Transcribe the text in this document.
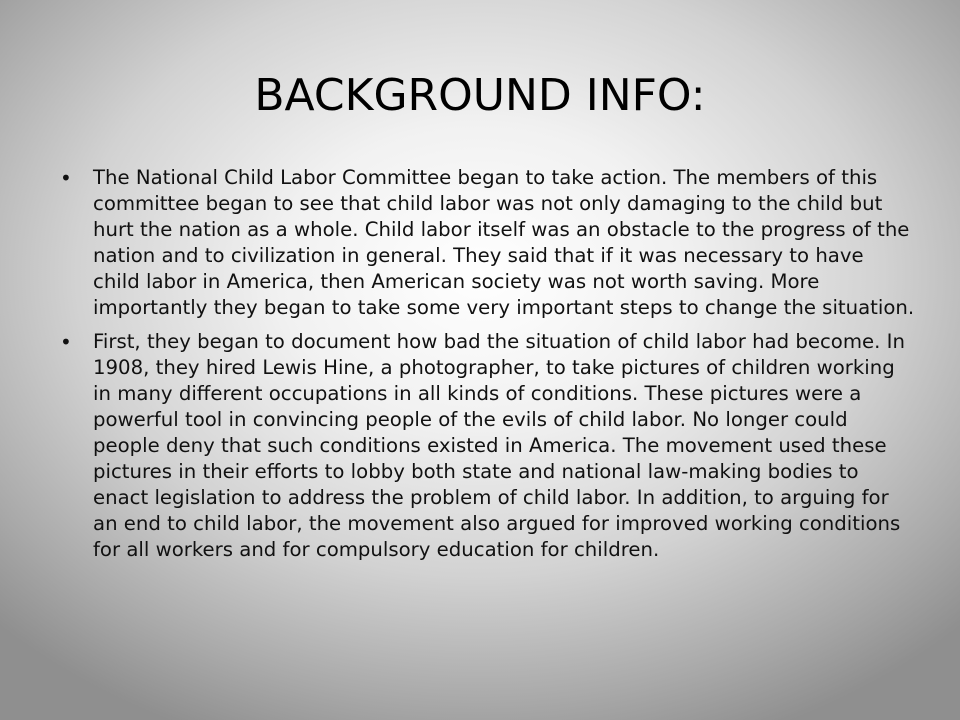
BACKGROUND INFO:
• The National Child Labor Committee began to take action. The members of this committee began to see that child labor was not only damaging to the child but hurt the nation as a whole. Child labor itself was an obstacle to the progress of the nation and to civilization in general. They said that if it was necessary to have child labor in America, then American society was not worth saving. More importantly they began to take some very important steps to change the situation.
• First, they began to document how bad the situation of child labor had become. In 1908, they hired Lewis Hine, a photographer, to take pictures of children working in many different occupations in all kinds of conditions. These pictures were a powerful tool in convincing people of the evils of child labor. No longer could people deny that such conditions existed in America. The movement used these pictures in their efforts to lobby both state and national law-making bodies to enact legislation to address the problem of child labor. In addition, to arguing for an end to child labor, the movement also argued for improved working conditions for all workers and for compulsory education for children.
